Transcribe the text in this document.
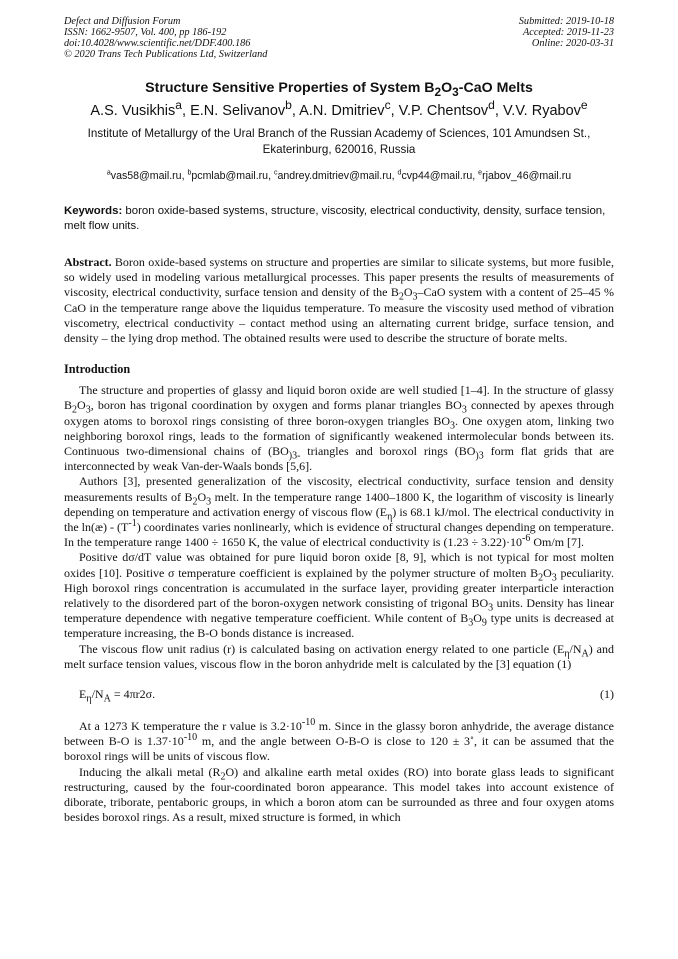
Defect and Diffusion Forum
ISSN: 1662-9507, Vol. 400, pp 186-192
doi:10.4028/www.scientific.net/DDF.400.186
© 2020 Trans Tech Publications Ltd, Switzerland
Submitted: 2019-10-18
Accepted: 2019-11-23
Online: 2020-03-31
Structure Sensitive Properties of System $B_2O_3$-CaO Melts
A.S. Vusikhis$^a$, E.N. Selivanov$^b$, A.N. Dmitriev$^c$, V.P. Chentsov$^d$, V.V. Ryabov$^e$
Institute of Metallurgy of the Ural Branch of the Russian Academy of Sciences, 101 Amundsen St., Ekaterinburg, 620016, Russia
$^a$vas58@mail.ru, $^b$pcmlab@mail.ru, $^c$andrey.dmitriev@mail.ru, $^d$cvp44@mail.ru, $^e$rjabov_46@mail.ru
Keywords: boron oxide-based systems, structure, viscosity, electrical conductivity, density, surface tension, melt flow units.
Abstract. Boron oxide-based systems on structure and properties are similar to silicate systems, but more fusible, so widely used in modeling various metallurgical processes. This paper presents the results of measurements of viscosity, electrical conductivity, surface tension and density of the $B_2O_3$–CaO system with a content of 25–45 % CaO in the temperature range above the liquidus temperature. To measure the viscosity used method of vibration viscometry, electrical conductivity – contact method using an alternating current bridge, surface tension, and density – the lying drop method. The obtained results were used to describe the structure of borate melts.
Introduction

The structure and properties of glassy and liquid boron oxide are well studied [1–4]. In the structure of glassy $B_2O_3$, boron has trigonal coordination by oxygen and forms planar triangles $BO_3$ connected by apexes through oxygen atoms to boroxol rings consisting of three boron-oxygen triangles $BO_3$. One oxygen atom, linking two neighboring boroxol rings, leads to the formation of significantly weakened intermolecular bonds between its. Continuous two-dimensional chains of ($BO_{)3-}$ triangles and boroxol rings ($BO_{)3}$ form flat grids that are interconnected by weak Van-der-Waals bonds [5,6].

Authors [3], presented generalization of the viscosity, electrical conductivity, surface tension and density measurements results of $B_2O_3$ melt. In the temperature range 1400–1800 K, the logarithm of viscosity is linearly depending on temperature and activation energy of viscous flow $(E_\eta)$ is 68.1 kJ/mol. The electrical conductivity in the ln(æ) - $(T^{-1})$ coordinates varies nonlinearly, which is evidence of structural changes depending on temperature. In the temperature range 1400 ÷ 1650 K, the value of electrical conductivity is $(1.23 \div 3.22)\cdot 10^{-6}$ Om/m [7].

Positive dσ/dT value was obtained for pure liquid boron oxide [8, 9], which is not typical for most molten oxides [10]. Positive σ temperature coefficient is explained by the polymer structure of molten $B_2O_3$ peculiarity. High boroxol rings concentration is accumulated in the surface layer, providing greater interparticle interaction relatively to the disordered part of the boron-oxygen network consisting of trigonal $BO_3$ units. Density has linear temperature dependence with negative temperature coefficient. While content of $B_3O_9$ type units is decreased at temperature increasing, the B-O bonds distance is increased.

The viscous flow unit radius (r) is calculated basing on activation energy related to one particle $(E_\eta/N_A)$ and melt surface tension values, viscous flow in the boron anhydride melt is calculated by the [3] equation (1)

$E_\eta/N_A = 4\pi r2\sigma$.	(1)

At a 1273 K temperature the r value is $3.2\cdot 10^{-10}$ m. Since in the glassy boron anhydride, the average distance between B-O is $1.37\cdot 10^{-10}$ m, and the angle between O-B-O is close to 120 ± 3˚, it can be assumed that the boroxol rings will be units of viscous flow.

Inducing the alkali metal $(R_2O)$ and alkaline earth metal oxides (RO) into borate glass leads to significant restructuring, caused by the four-coordinated boron appearance. This model takes into account existence of diborate, triborate, pentaboric groups, in which a boron atom can be surrounded as three and four oxygen atoms besides boroxol rings. As a result, mixed structure is formed, in which
